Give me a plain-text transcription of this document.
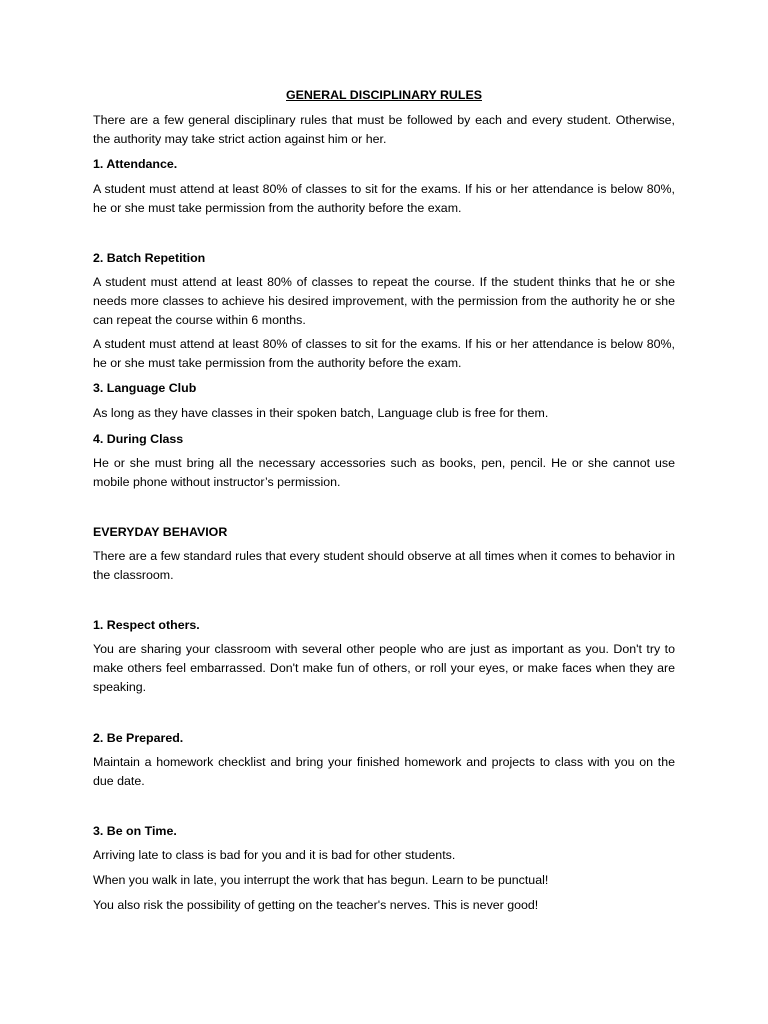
GENERAL DISCIPLINARY RULES

There are a few general disciplinary rules that must be followed by each and every student. Otherwise, the authority may take strict action against him or her.

1. Attendance.

A student must attend at least 80% of classes to sit for the exams. If his or her attendance is below 80%, he or she must take permission from the authority before the exam.

2. Batch Repetition

A student must attend at least 80% of classes to repeat the course. If the student thinks that he or she needs more classes to achieve his desired improvement, with the permission from the authority he or she can repeat the course within 6 months.

A student must attend at least 80% of classes to sit for the exams. If his or her attendance is below 80%, he or she must take permission from the authority before the exam.

3. Language Club

As long as they have classes in their spoken batch, Language club is free for them.

4. During Class

He or she must bring all the necessary accessories such as books, pen, pencil. He or she cannot use mobile phone without instructor’s permission.

EVERYDAY BEHAVIOR

There are a few standard rules that every student should observe at all times when it comes to behavior in the classroom.

1. Respect others.

You are sharing your classroom with several other people who are just as important as you. Don't try to make others feel embarrassed. Don't make fun of others, or roll your eyes, or make faces when they are speaking.

2. Be Prepared.

Maintain a homework checklist and bring your finished homework and projects to class with you on the due date.

3. Be on Time.

Arriving late to class is bad for you and it is bad for other students.

When you walk in late, you interrupt the work that has begun. Learn to be punctual!

You also risk the possibility of getting on the teacher's nerves. This is never good!
